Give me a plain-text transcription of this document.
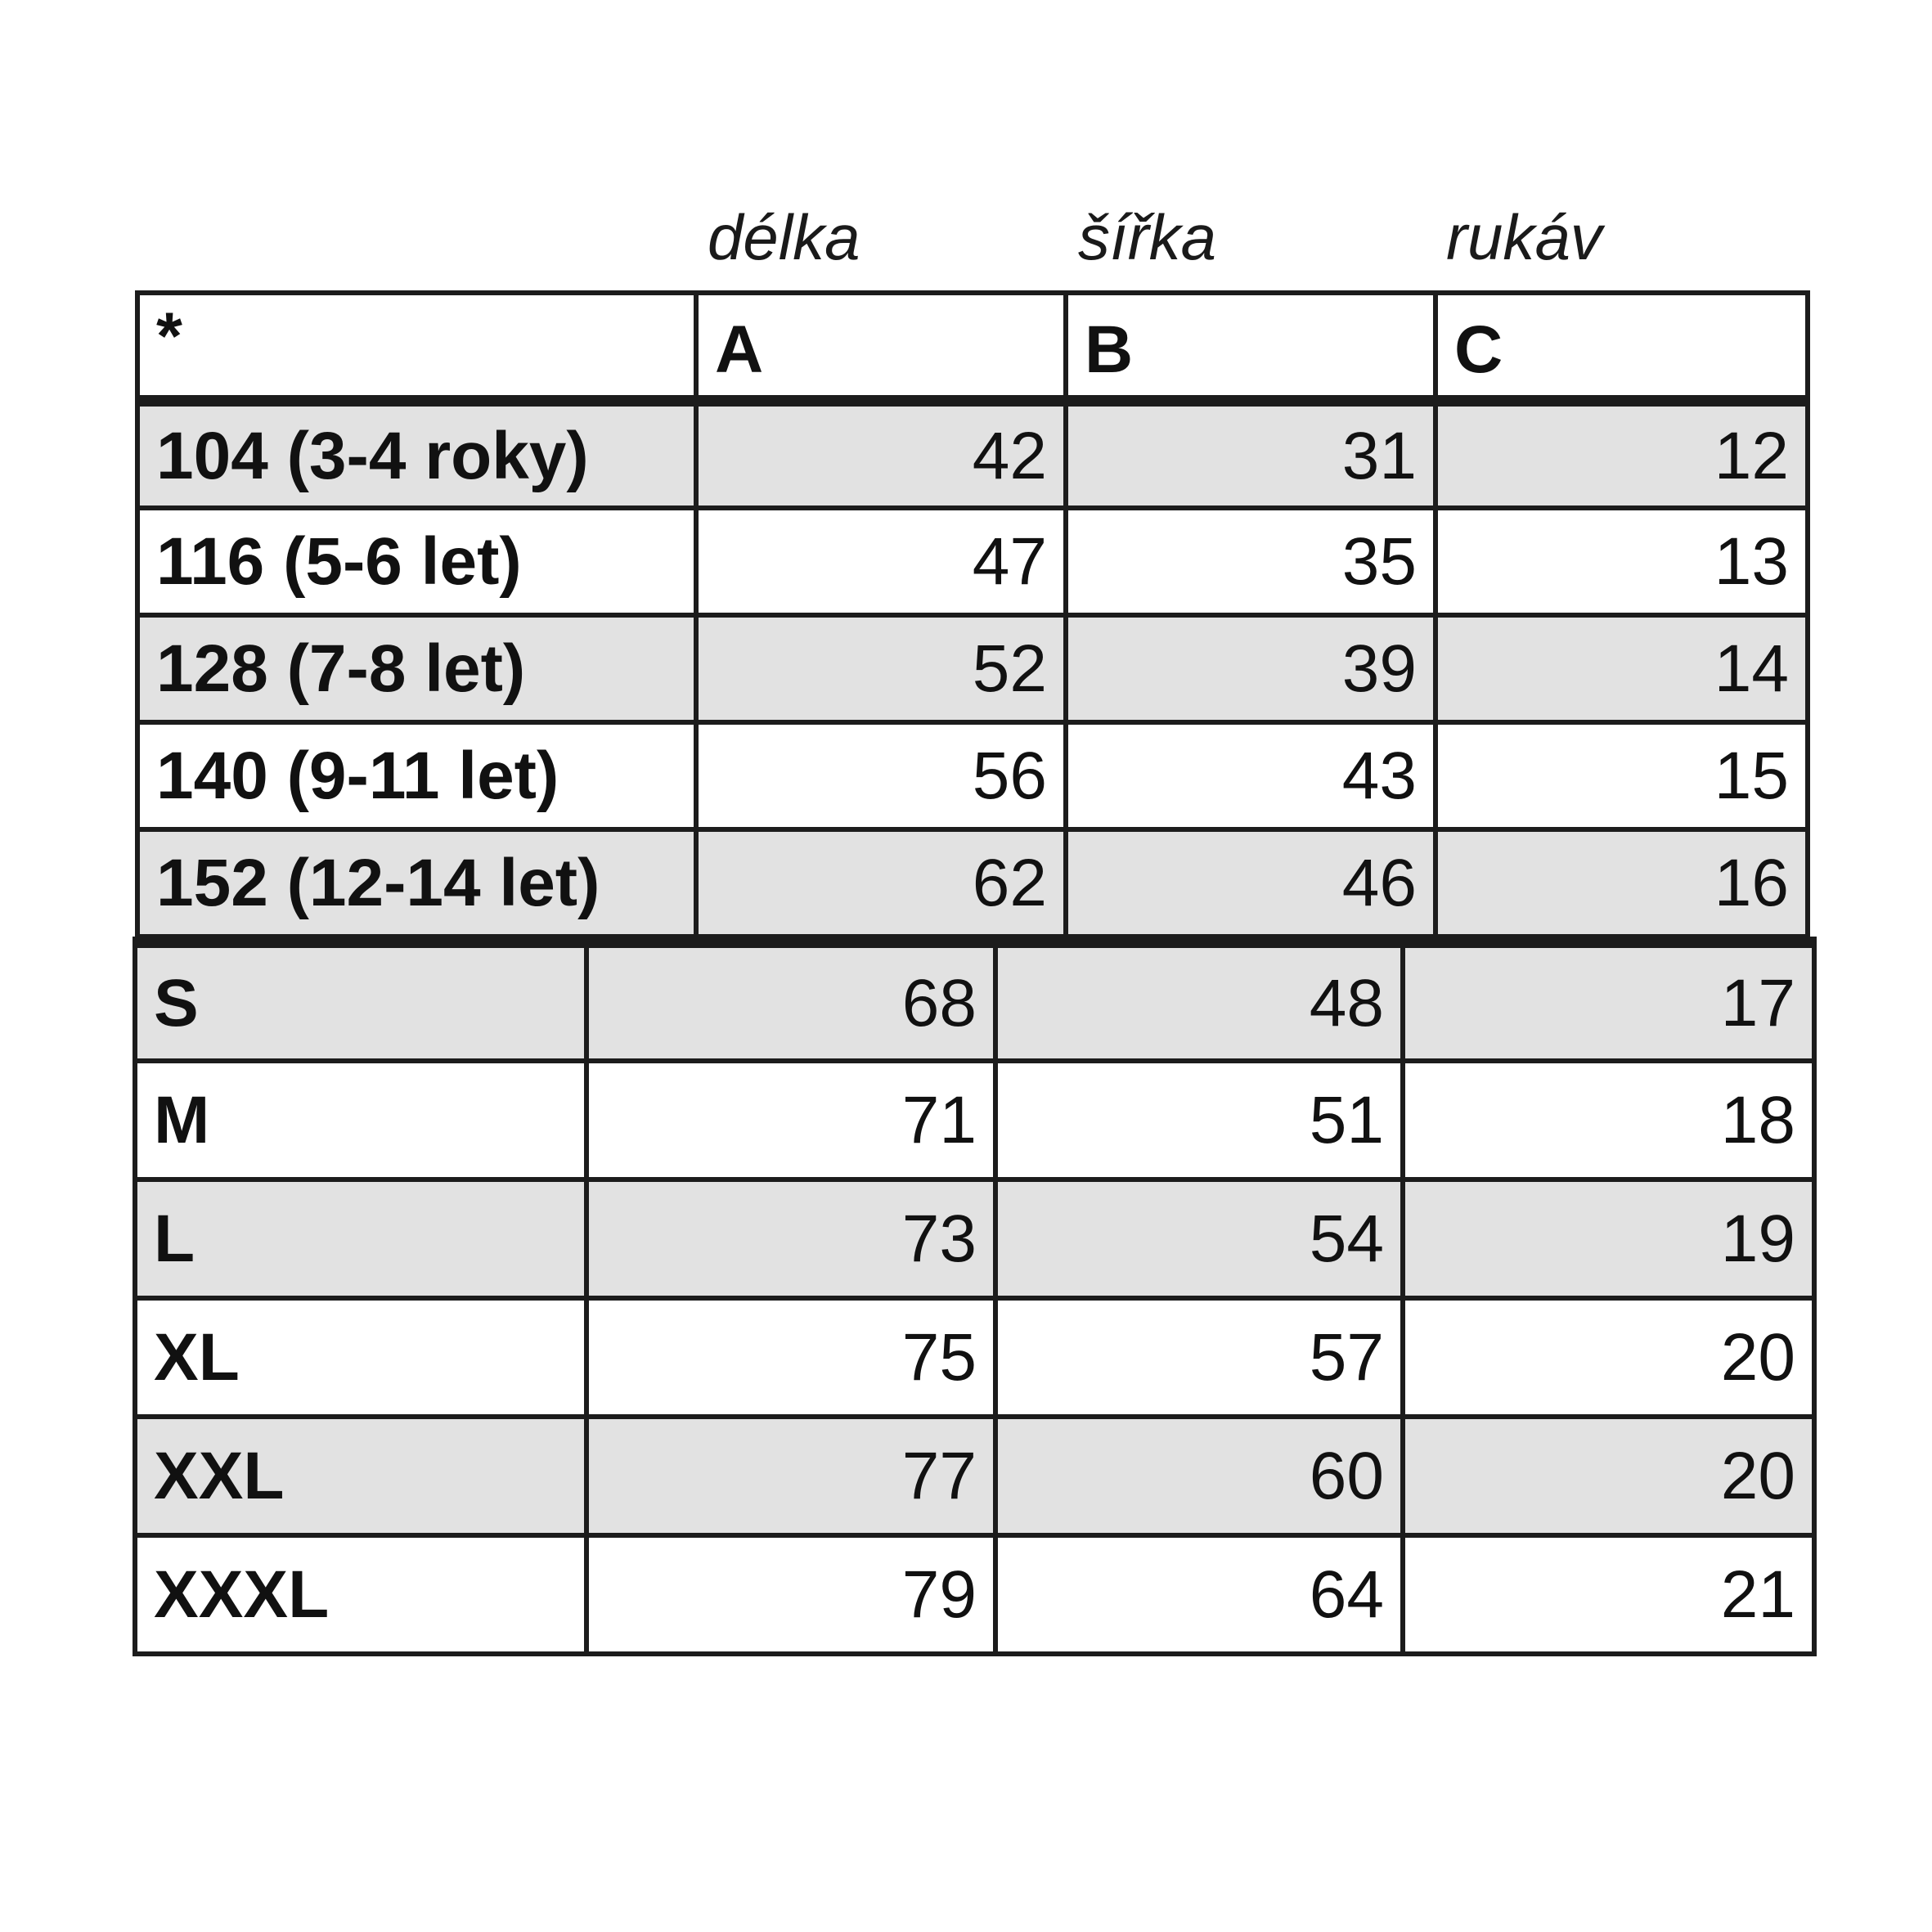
délka	šířka	rukáv
*	A	B	C
104 (3-4 roky)	42	31	12
116 (5-6 let)	47	35	13
128 (7-8 let)	52	39	14
140 (9-11 let)	56	43	15
152 (12-14 let)	62	46	16
S	68	48	17
M	71	51	18
L	73	54	19
XL	75	57	20
XXL	77	60	20
XXXL	79	64	21
